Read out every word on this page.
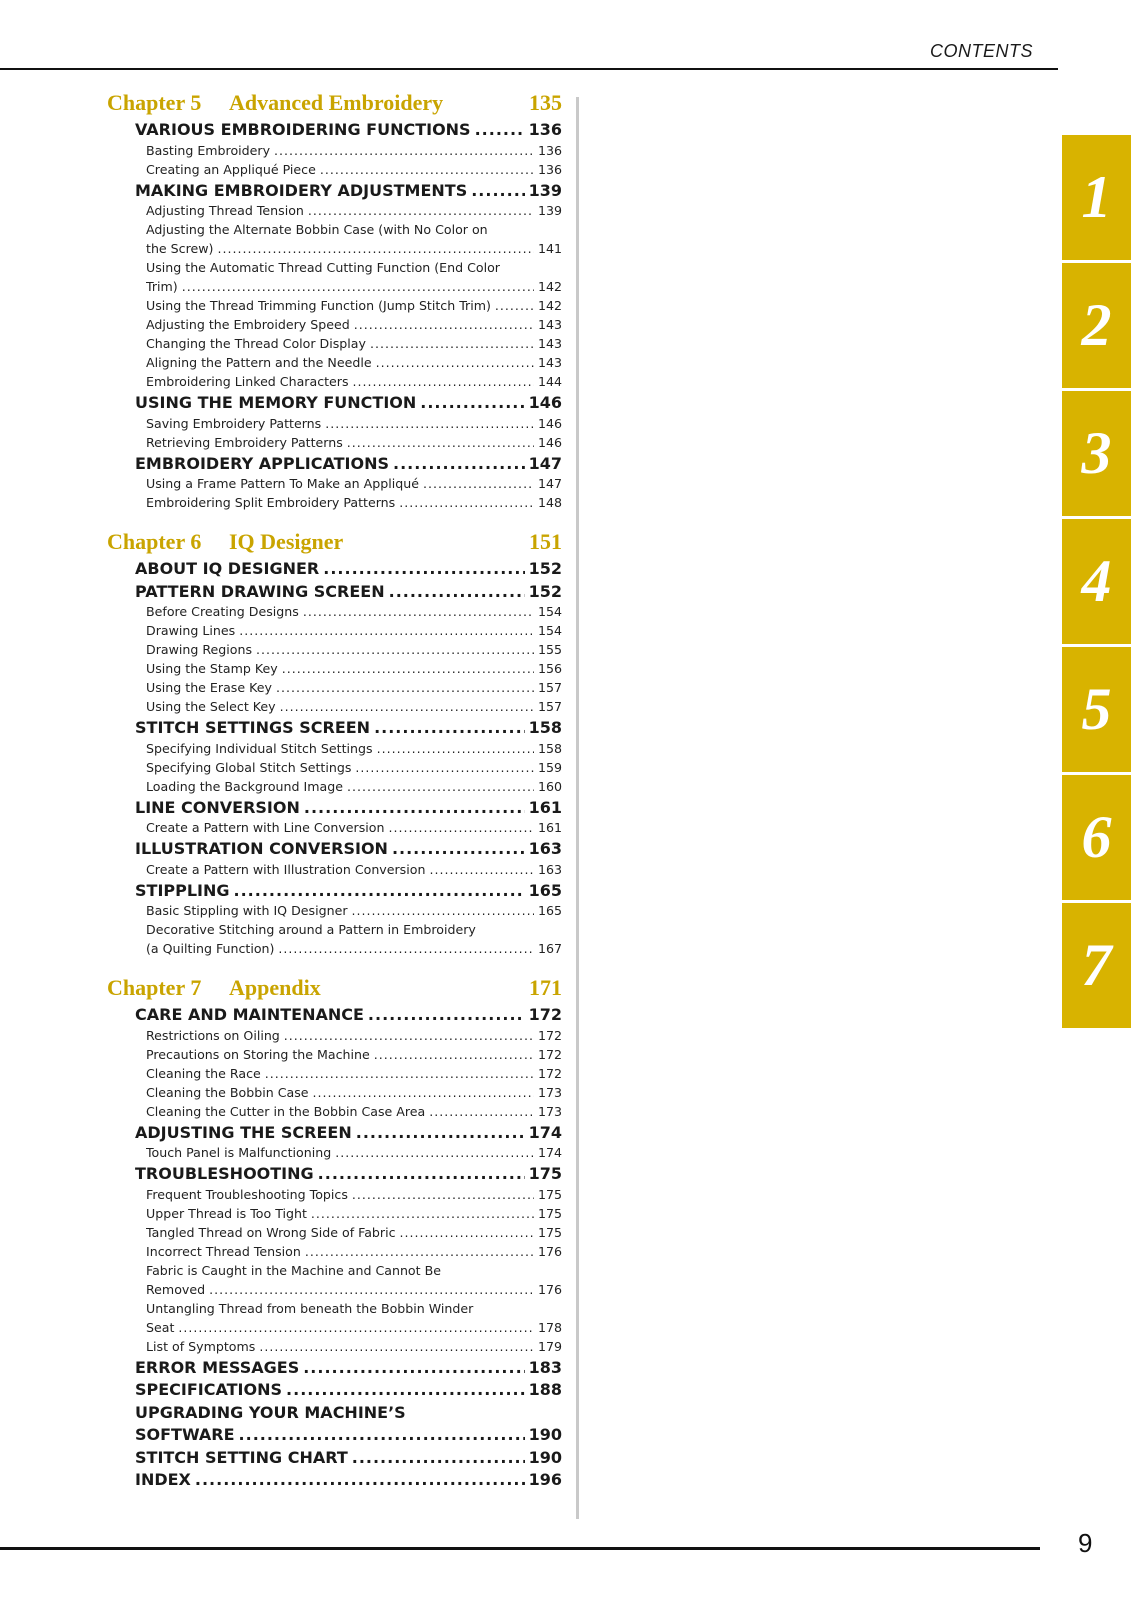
CONTENTS
Chapter 5	Advanced Embroidery	135
VARIOUS EMBROIDERING FUNCTIONS .....	136
Basting Embroidery .....	136
Creating an Appliqué Piece .....	136
MAKING EMBROIDERY ADJUSTMENTS .....	139
Adjusting Thread Tension .....	139
Adjusting the Alternate Bobbin Case (with No Color on
the Screw) .....	141
Using the Automatic Thread Cutting Function (End Color
Trim) .....	142
Using the Thread Trimming Function (Jump Stitch Trim) .....	142
Adjusting the Embroidery Speed .....	143
Changing the Thread Color Display .....	143
Aligning the Pattern and the Needle .....	143
Embroidering Linked Characters .....	144
USING THE MEMORY FUNCTION .....	146
Saving Embroidery Patterns .....	146
Retrieving Embroidery Patterns .....	146
EMBROIDERY APPLICATIONS .....	147
Using a Frame Pattern To Make an Appliqué .....	147
Embroidering Split Embroidery Patterns .....	148
Chapter 6	IQ Designer	151
ABOUT IQ DESIGNER .....	152
PATTERN DRAWING SCREEN .....	152
Before Creating Designs .....	154
Drawing Lines .....	154
Drawing Regions .....	155
Using the Stamp Key .....	156
Using the Erase Key .....	157
Using the Select Key .....	157
STITCH SETTINGS SCREEN .....	158
Specifying Individual Stitch Settings .....	158
Specifying Global Stitch Settings .....	159
Loading the Background Image .....	160
LINE CONVERSION .....	161
Create a Pattern with Line Conversion .....	161
ILLUSTRATION CONVERSION .....	163
Create a Pattern with Illustration Conversion .....	163
STIPPLING .....	165
Basic Stippling with IQ Designer .....	165
Decorative Stitching around a Pattern in Embroidery
(a Quilting Function) .....	167
Chapter 7	Appendix	171
CARE AND MAINTENANCE .....	172
Restrictions on Oiling .....	172
Precautions on Storing the Machine .....	172
Cleaning the Race .....	172
Cleaning the Bobbin Case .....	173
Cleaning the Cutter in the Bobbin Case Area .....	173
ADJUSTING THE SCREEN .....	174
Touch Panel is Malfunctioning .....	174
TROUBLESHOOTING .....	175
Frequent Troubleshooting Topics .....	175
Upper Thread is Too Tight .....	175
Tangled Thread on Wrong Side of Fabric .....	175
Incorrect Thread Tension .....	176
Fabric is Caught in the Machine and Cannot Be
Removed .....	176
Untangling Thread from beneath the Bobbin Winder
Seat .....	178
List of Symptoms .....	179
ERROR MESSAGES .....	183
SPECIFICATIONS .....	188
UPGRADING YOUR MACHINE’S
SOFTWARE .....	190
STITCH SETTING CHART .....	190
INDEX .....	196
1
2
3
4
5
6
7
9
